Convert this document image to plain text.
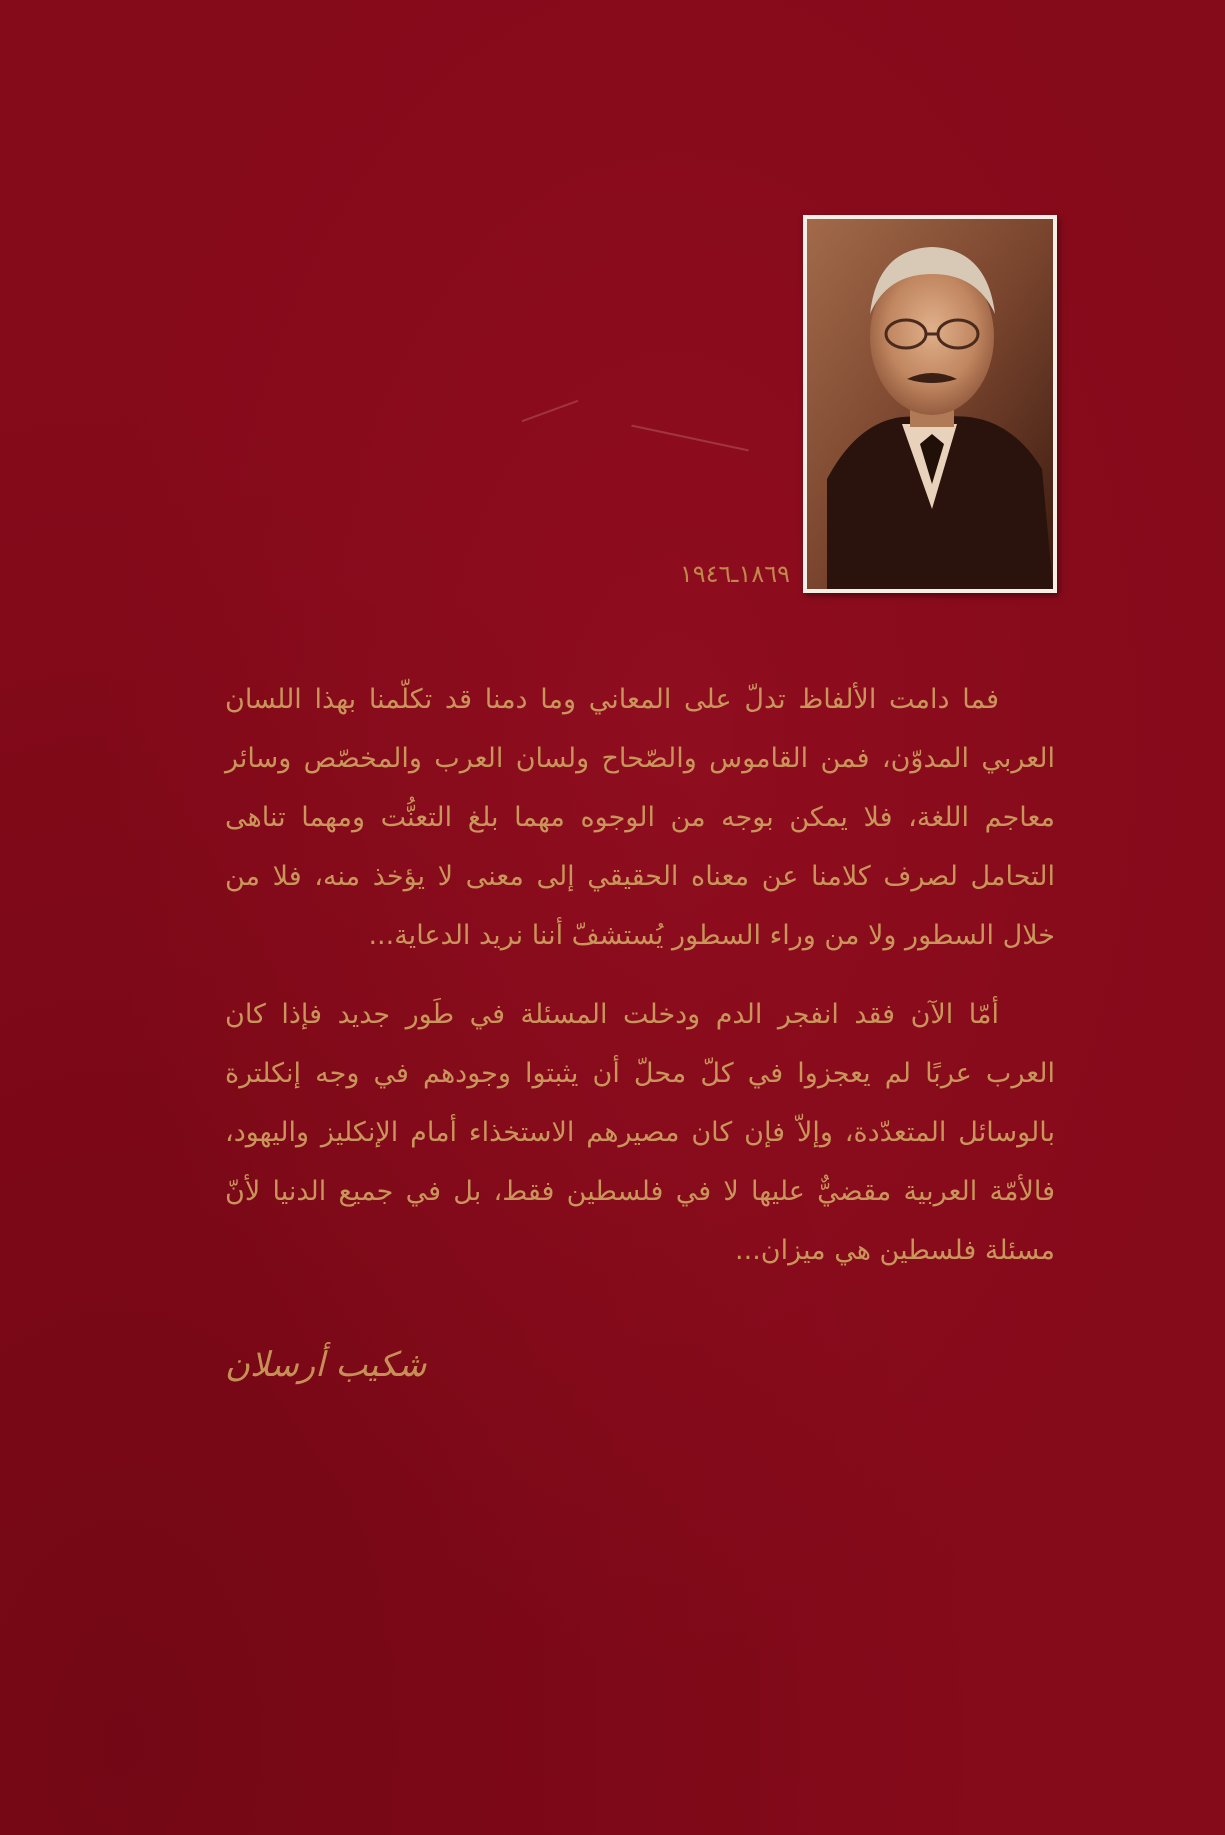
١٨٦٩ـ١٩٤٦

فما دامت الألفاظ تدلّ على المعاني وما دمنا قد تكلّمنا بهذا اللسان العربي المدوّن، فمن القاموس والصّحاح ولسان العرب والمخصّص وسائر معاجم اللغة، فلا يمكن بوجه من الوجوه مهما بلغ التعنُّت ومهما تناهى التحامل لصرف كلامنا عن معناه الحقيقي إلى معنى لا يؤخذ منه، فلا من خلال السطور ولا من وراء السطور يُستشفّ أننا نريد الدعاية...

أمّا الآن فقد انفجر الدم ودخلت المسئلة في طَور جديد فإذا كان العرب عربًا لم يعجزوا في كلّ محلّ أن يثبتوا وجودهم في وجه إنكلترة بالوسائل المتعدّدة، وإلاّ فإن كان مصيرهم الاستخذاء أمام الإنكليز واليهود، فالأمّة العربية مقضيٌّ عليها لا في فلسطين فقط، بل في جميع الدنيا لأنّ مسئلة فلسطين هي ميزان...

شكيب أرسلان
